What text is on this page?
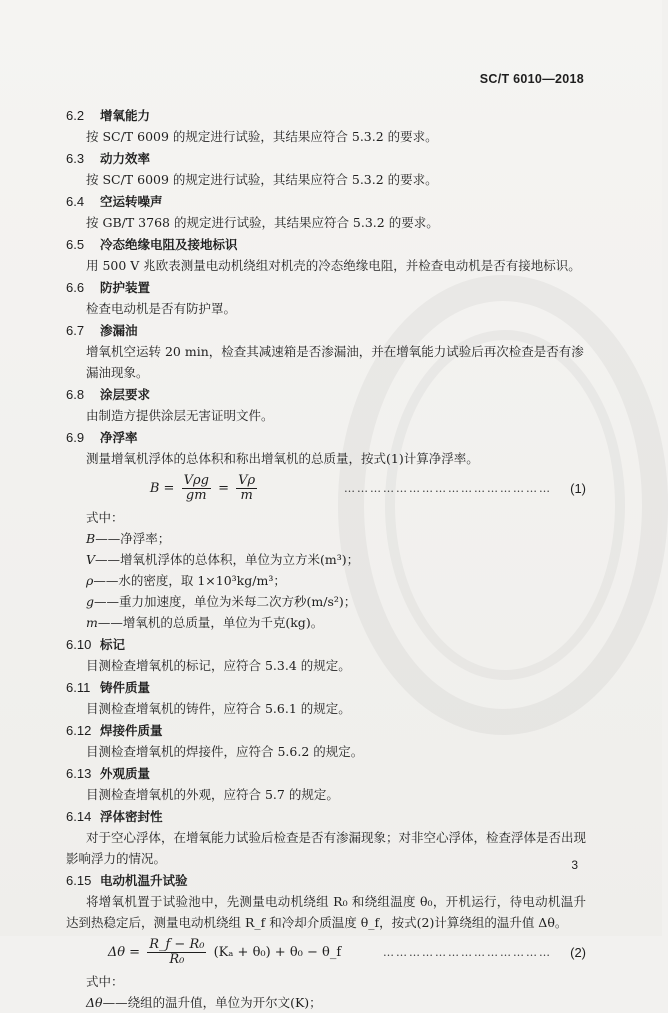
SC/T 6010—2018
6.2	增氧能力
按 SC/T 6009 的规定进行试验，其结果应符合 5.3.2 的要求。
6.3	动力效率
按 SC/T 6009 的规定进行试验，其结果应符合 5.3.2 的要求。
6.4	空运转噪声
按 GB/T 3768 的规定进行试验，其结果应符合 5.3.2 的要求。
6.5	冷态绝缘电阻及接地标识
用 500 V 兆欧表测量电动机绕组对机壳的冷态绝缘电阻，并检查电动机是否有接地标识。
6.6	防护装置
检查电动机是否有防护罩。
6.7	渗漏油
增氧机空运转 20 min，检查其减速箱是否渗漏油，并在增氧能力试验后再次检查是否有渗漏油现象。
6.8	涂层要求
由制造方提供涂层无害证明文件。
6.9	净浮率
测量增氧机浮体的总体积和称出增氧机的总质量，按式(1)计算净浮率。
$B = \frac{\text{Vρg}}{gm} = \frac{V\rho}{m}$	…………………………………………	(1)
式中：
B——净浮率；
V——增氧机浮体的总体积，单位为立方米(m³)；
ρ——水的密度，取 1×10³kg/m³；
g——重力加速度，单位为米每二次方秒(m/s²)；
m——增氧机的总质量，单位为千克(kg)。
6.10 标记
目测检查增氧机的标记，应符合 5.3.4 的规定。
6.11 铸件质量
目测检查增氧机的铸件，应符合 5.6.1 的规定。
6.12 焊接件质量
目测检查增氧机的焊接件，应符合 5.6.2 的规定。
6.13 外观质量
目测检查增氧机的外观，应符合 5.7 的规定。
6.14 浮体密封性
对于空心浮体，在增氧能力试验后检查是否有渗漏现象；对非空心浮体，检查浮体是否出现影响浮力的情况。
6.15 电动机温升试验
将增氧机置于试验池中，先测量电动机绕组 R₀ 和绕组温度 θ₀，开机运行，待电动机温升达到热稳定后，测量电动机绕组 R_f 和冷却介质温度 θ_f，按式(2)计算绕组的温升值 Δθ。
$\Delta\theta = \frac{\text{R\_f − R₀}}{\text{R₀}} (K_a + \theta_0) + \theta_0$ − θ_f	…………………………………	(2)
式中：
Δθ——绕组的温升值，单位为开尔文(K)；
3
